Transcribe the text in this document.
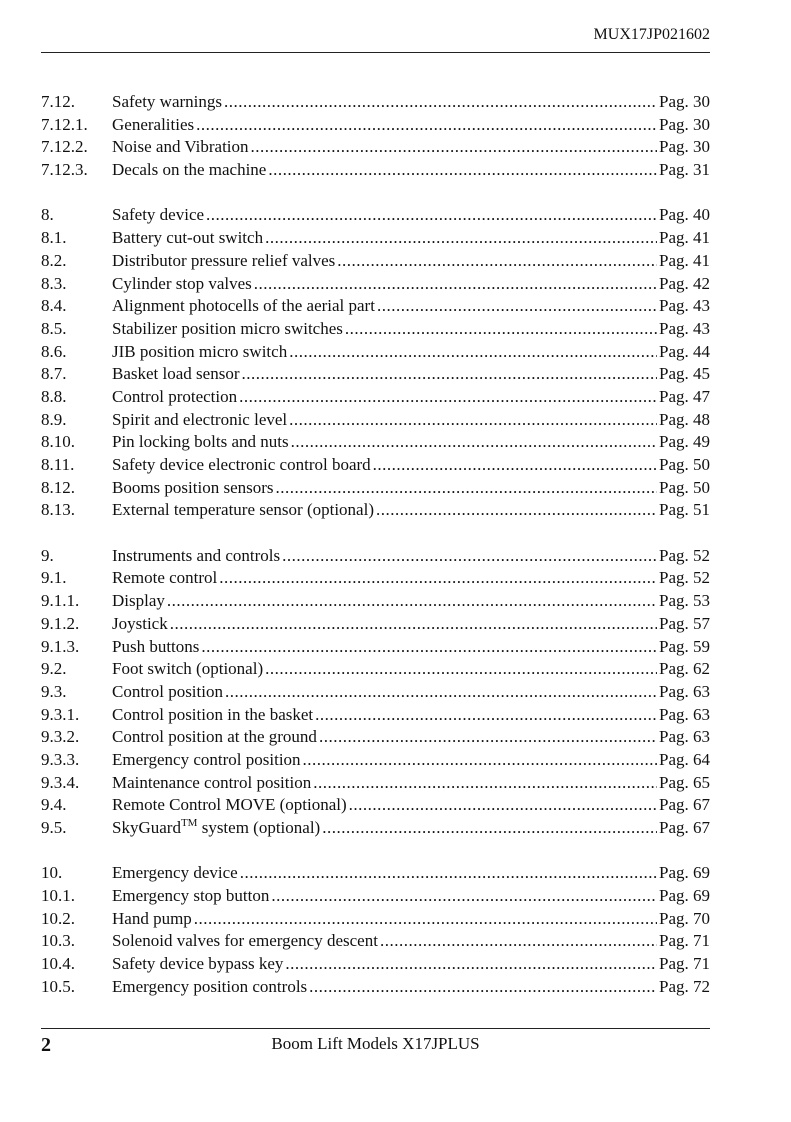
MUX17JP021602
7.12.	Safety warnings .....	Pag. 30
7.12.1.	Generalities .....	Pag. 30
7.12.2.	Noise and Vibration .....	Pag. 30
7.12.3.	Decals on the machine .....	Pag. 31
8.	Safety device .....	Pag. 40
8.1.	Battery cut-out switch .....	Pag. 41
8.2.	Distributor pressure relief valves .....	Pag. 41
8.3.	Cylinder stop valves .....	Pag. 42
8.4.	Alignment photocells of the aerial part .....	Pag. 43
8.5.	Stabilizer position micro switches .....	Pag. 43
8.6.	JIB position micro switch .....	Pag. 44
8.7.	Basket load sensor .....	Pag. 45
8.8.	Control protection .....	Pag. 47
8.9.	Spirit and electronic level .....	Pag. 48
8.10.	Pin locking bolts and nuts .....	Pag. 49
8.11.	Safety device electronic control board .....	Pag. 50
8.12.	Booms position sensors .....	Pag. 50
8.13.	External temperature sensor (optional) .....	Pag. 51
9.	Instruments and controls .....	Pag. 52
9.1.	Remote control .....	Pag. 52
9.1.1.	Display .....	Pag. 53
9.1.2.	Joystick .....	Pag. 57
9.1.3.	Push buttons .....	Pag. 59
9.2.	Foot switch (optional) .....	Pag. 62
9.3.	Control position .....	Pag. 63
9.3.1.	Control position in the basket .....	Pag. 63
9.3.2.	Control position at the ground .....	Pag. 63
9.3.3.	Emergency control position .....	Pag. 64
9.3.4.	Maintenance control position .....	Pag. 65
9.4.	Remote Control MOVE (optional) .....	Pag. 67
9.5.	SkyGuard™ system (optional) .....	Pag. 67
10.	Emergency device .....	Pag. 69
10.1.	Emergency stop button .....	Pag. 69
10.2.	Hand pump .....	Pag. 70
10.3.	Solenoid valves for emergency descent .....	Pag. 71
10.4.	Safety device bypass key .....	Pag. 71
10.5.	Emergency position controls .....	Pag. 72
2	Boom Lift Models X17JPLUS
